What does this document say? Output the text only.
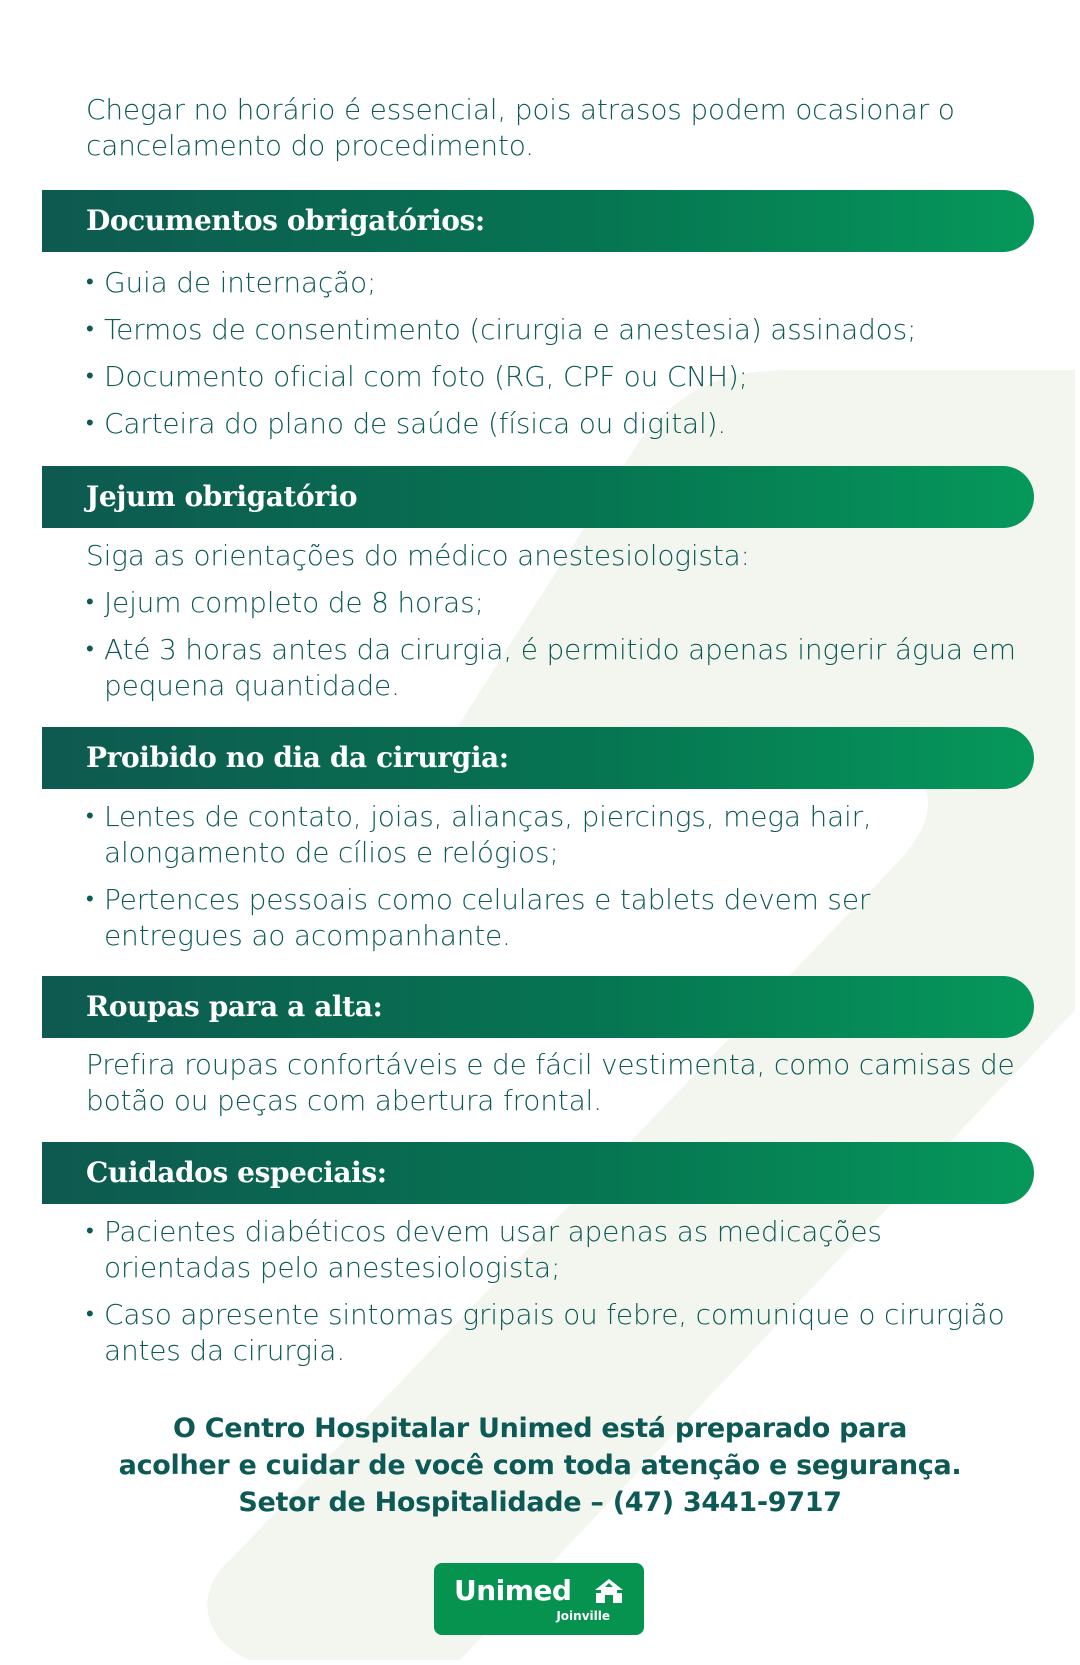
Chegar no horário é essencial, pois atrasos podem ocasionar o cancelamento do procedimento.

Documentos obrigatórios:
• Guia de internação;
• Termos de consentimento (cirurgia e anestesia) assinados;
• Documento oficial com foto (RG, CPF ou CNH);
• Carteira do plano de saúde (física ou digital).
Jejum obrigatório

Siga as orientações do médico anestesiologista:

• Jejum completo de 8 horas;
• Até 3 horas antes da cirurgia, é permitido apenas ingerir água em pequena quantidade.
Proibido no dia da cirurgia:
• Lentes de contato, joias, alianças, piercings, mega hair, alongamento de cílios e relógios;
• Pertences pessoais como celulares e tablets devem ser entregues ao acompanhante.
Roupas para a alta:

Prefira roupas confortáveis e de fácil vestimenta, como camisas de botão ou peças com abertura frontal.

Cuidados especiais:
• Pacientes diabéticos devem usar apenas as medicações orientadas pelo anestesiologista;
• Caso apresente sintomas gripais ou febre, comunique o cirurgião antes da cirurgia.
O Centro Hospitalar Unimed está preparado para
acolher e cuidar de você com toda atenção e segurança.
Setor de Hospitalidade – (47) 3441-9717
Unimed
Joinville
